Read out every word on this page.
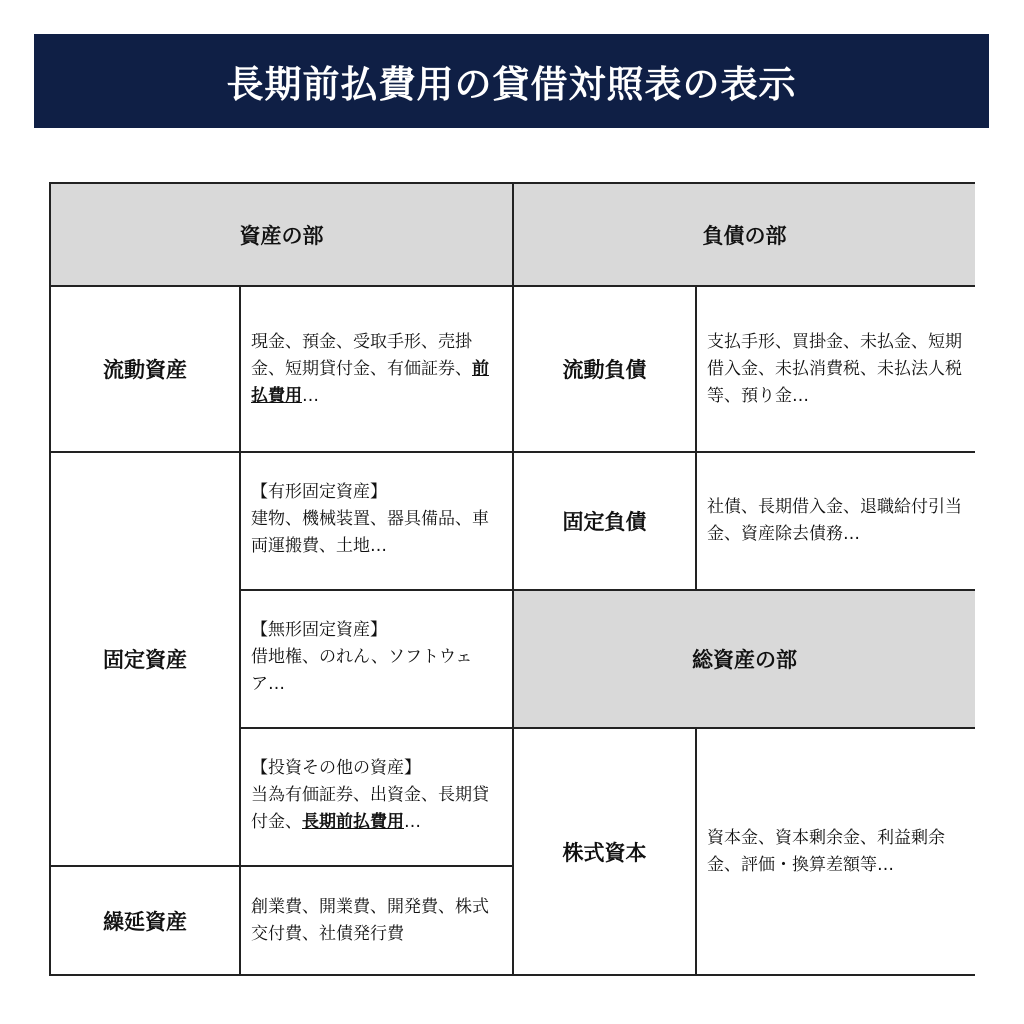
長期前払費用の貸借対照表の表示
資産の部	負債の部
流動資産
現金、預金、受取手形、売掛金、短期貸付金、有価証券、前払費用…
固定資産
【有形固定資産】
建物、機械装置、器具備品、車両運搬費、土地…
【無形固定資産】
借地権、のれん、ソフトウェア…
【投資その他の資産】
当為有価証券、出資金、長期貸付金、長期前払費用…
繰延資産
創業費、開業費、開発費、株式交付費、社債発行費
流動負債
支払手形、買掛金、未払金、短期借入金、未払消費税、未払法人税等、預り金…
固定負債
社債、長期借入金、退職給付引当金、資産除去債務…
総資産の部
株式資本
資本金、資本剰余金、利益剰余金、評価・換算差額等…
